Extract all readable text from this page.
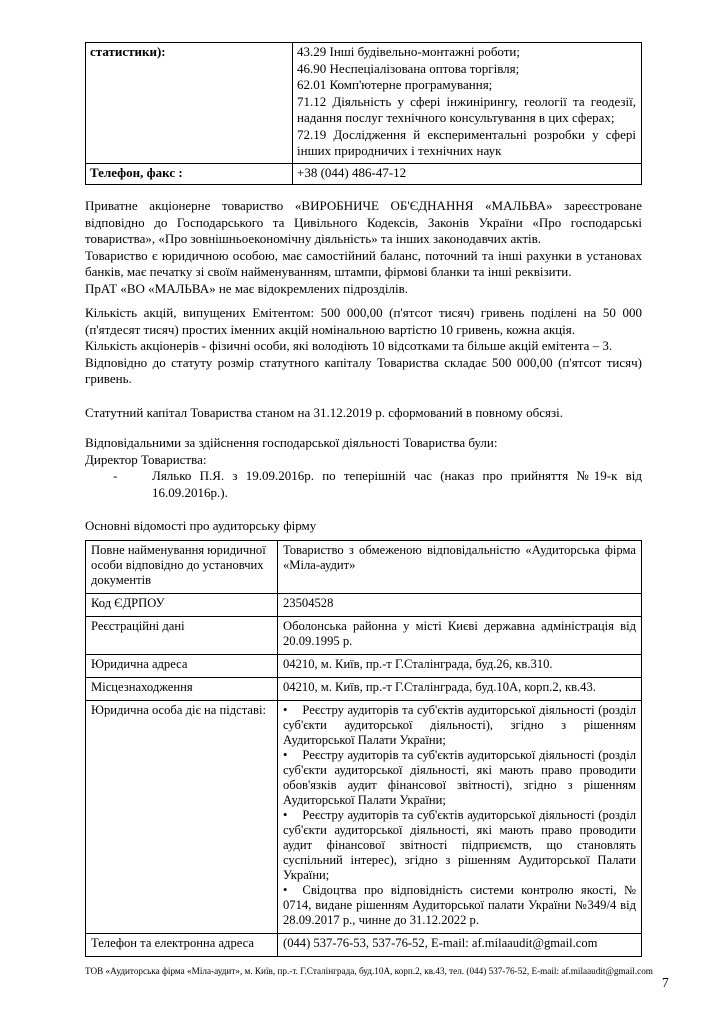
статистики):	43.29 Інші будівельно-монтажні роботи;
46.90 Неспеціалізована оптова торгівля;
62.01 Комп'ютерне програмування;
71.12 Діяльність у сфері інжинірингу, геології та геодезії, надання послуг технічного консультування в цих сферах;
72.19 Дослідження й експериментальні розробки у сфері інших природничих і технічних наук

Телефон, факс :	+38 (044) 486-47-12

Приватне акціонерне товариство «ВИРОБНИЧЕ ОБ'ЄДНАННЯ «МАЛЬВА» зареєстроване відповідно до Господарського та Цивільного Кодексів, Законів України «Про господарські товариства», «Про зовнішньоекономічну діяльність» та інших законодавчих актів.

Товариство є юридичною особою, має самостійний баланс, поточний та інші рахунки в установах банків, має печатку зі своїм найменуванням, штампи, фірмові бланки та інші реквізити.

ПрАТ «ВО «МАЛЬВА» не має відокремлених підрозділів.

Кількість акцій, випущених Емітентом: 500 000,00 (п'ятсот тисяч) гривень поділені на 50 000 (п'ятдесят тисяч) простих іменних акцій номінальною вартістю 10 гривень, кожна акція.

Кількість акціонерів - фізичні особи, які володіють 10 відсотками та більше акцій емітента – 3.

Відповідно до статуту розмір статутного капіталу Товариства складає 500 000,00 (п'ятсот тисяч) гривень.

Статутний капітал Товариства станом на 31.12.2019 р. сформований в повному обсязі.

Відповідальними за здійснення господарської діяльності Товариства були:

Директор Товариства:

-	Лялько П.Я. з 19.09.2016р. по теперішній час (наказ про прийняття №19-к від 16.09.2016р.).

Основні відомості про аудиторську фірму

Повне найменування юридичної особи відповідно до установчих документів	Товариство з обмеженою відповідальністю «Аудиторська фірма «Міла-аудит»
Код ЄДРПОУ	23504528
Реєстраційні дані	Оболонська районна у місті Києві державна адміністрація від 20.09.1995 р.
Юридична адреса	04210, м. Київ, пр.-т Г.Сталінграда, буд.26, кв.310.
Місцезнаходження	04210, м. Київ, пр.-т Г.Сталінграда, буд.10А, корп.2, кв.43.
Юридична особа діє на підставі:	• Реєстру аудиторів та суб'єктів аудиторської діяльності (розділ суб'єкти аудиторської діяльності), згідно з рішенням Аудиторської Палати України;
• Реєстру аудиторів та суб'єктів аудиторської діяльності (розділ суб'єкти аудиторської діяльності, які мають право проводити обов'язків аудит фінансової звітності), згідно з рішенням Аудиторської Палати України;
• Реєстру аудиторів та суб'єктів аудиторської діяльності (розділ суб'єкти аудиторської діяльності, які мають право проводити аудит фінансової звітності підприємств, що становлять суспільний інтерес), згідно з рішенням Аудиторської Палати України;
• Свідоцтва про відповідність системи контролю якості, № 0714, видане рішенням Аудиторської палати України №349/4 від 28.09.2017 р., чинне до 31.12.2022 р.

Телефон та електронна адреса	(044) 537-76-53, 537-76-52, E-mail: af.milaaudit@gmail.com
ТОВ «Аудиторська фірма «Міла-аудит», м. Київ, пр.-т. Г.Сталінграда, буд.10А, корп.2, кв.43, тел. (044) 537-76-52, E-mail: af.milaaudit@gmail.com
7
